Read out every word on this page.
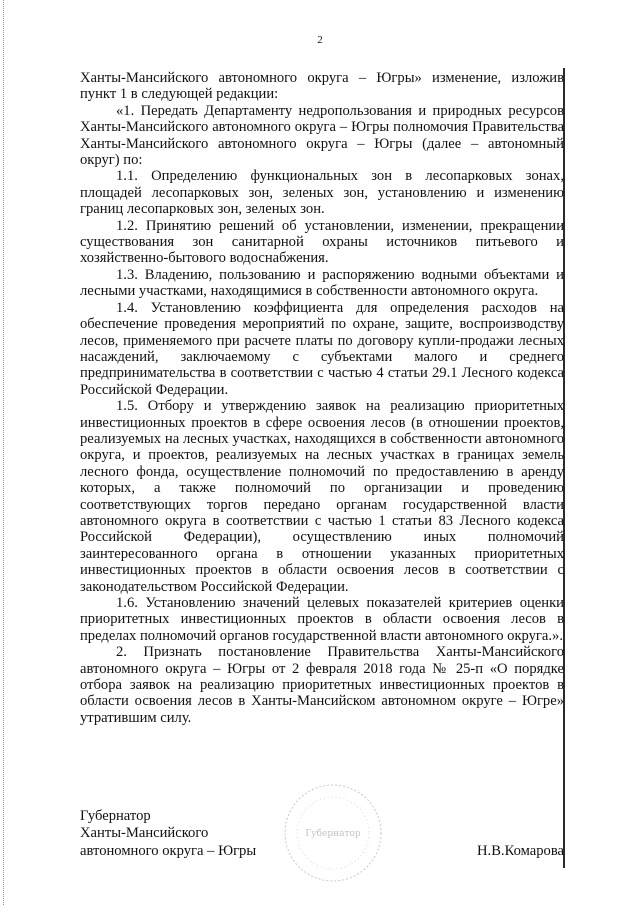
2

Ханты-Мансийского автономного округа – Югры» изменение, изложив пункт 1 в следующей редакции:

«1. Передать Департаменту недропользования и природных ресурсов Ханты-Мансийского автономного округа – Югры полномочия Правительства Ханты-Мансийского автономного округа – Югры (далее – автономный округ) по:

1.1. Определению функциональных зон в лесопарковых зонах, площадей лесопарковых зон, зеленых зон, установлению и изменению границ лесопарковых зон, зеленых зон.

1.2. Принятию решений об установлении, изменении, прекращении существования зон санитарной охраны источников питьевого и хозяйственно-бытового водоснабжения.

1.3. Владению, пользованию и распоряжению водными объектами и лесными участками, находящимися в собственности автономного округа.

1.4. Установлению коэффициента для определения расходов на обеспечение проведения мероприятий по охране, защите, воспроизводству лесов, применяемого при расчете платы по договору купли-продажи лесных насаждений, заключаемому с субъектами малого и среднего предпринимательства в соответствии с частью 4 статьи 29.1 Лесного кодекса Российской Федерации.

1.5. Отбору и утверждению заявок на реализацию приоритетных инвестиционных проектов в сфере освоения лесов (в отношении проектов, реализуемых на лесных участках, находящихся в собственности автономного округа, и проектов, реализуемых на лесных участках в границах земель лесного фонда, осуществление полномочий по предоставлению в аренду которых, а также полномочий по организации и проведению соответствующих торгов передано органам государственной власти автономного округа в соответствии с частью 1 статьи 83 Лесного кодекса Российской Федерации), осуществлению иных полномочий заинтересованного органа в отношении указанных приоритетных инвестиционных проектов в области освоения лесов в соответствии с законодательством Российской Федерации.

1.6. Установлению значений целевых показателей критериев оценки приоритетных инвестиционных проектов в области освоения лесов в пределах полномочий органов государственной власти автономного округа.».

2. Признать постановление Правительства Ханты-Мансийского автономного округа – Югры от 2 февраля 2018 года № 25-п «О порядке отбора заявок на реализацию приоритетных инвестиционных проектов в области освоения лесов в Ханты-Мансийском автономном округе – Югре» утратившим силу.

Губернатор
Губернатор
Ханты-Мансийского
автономного округа – Югры	Н.В.Комарова
